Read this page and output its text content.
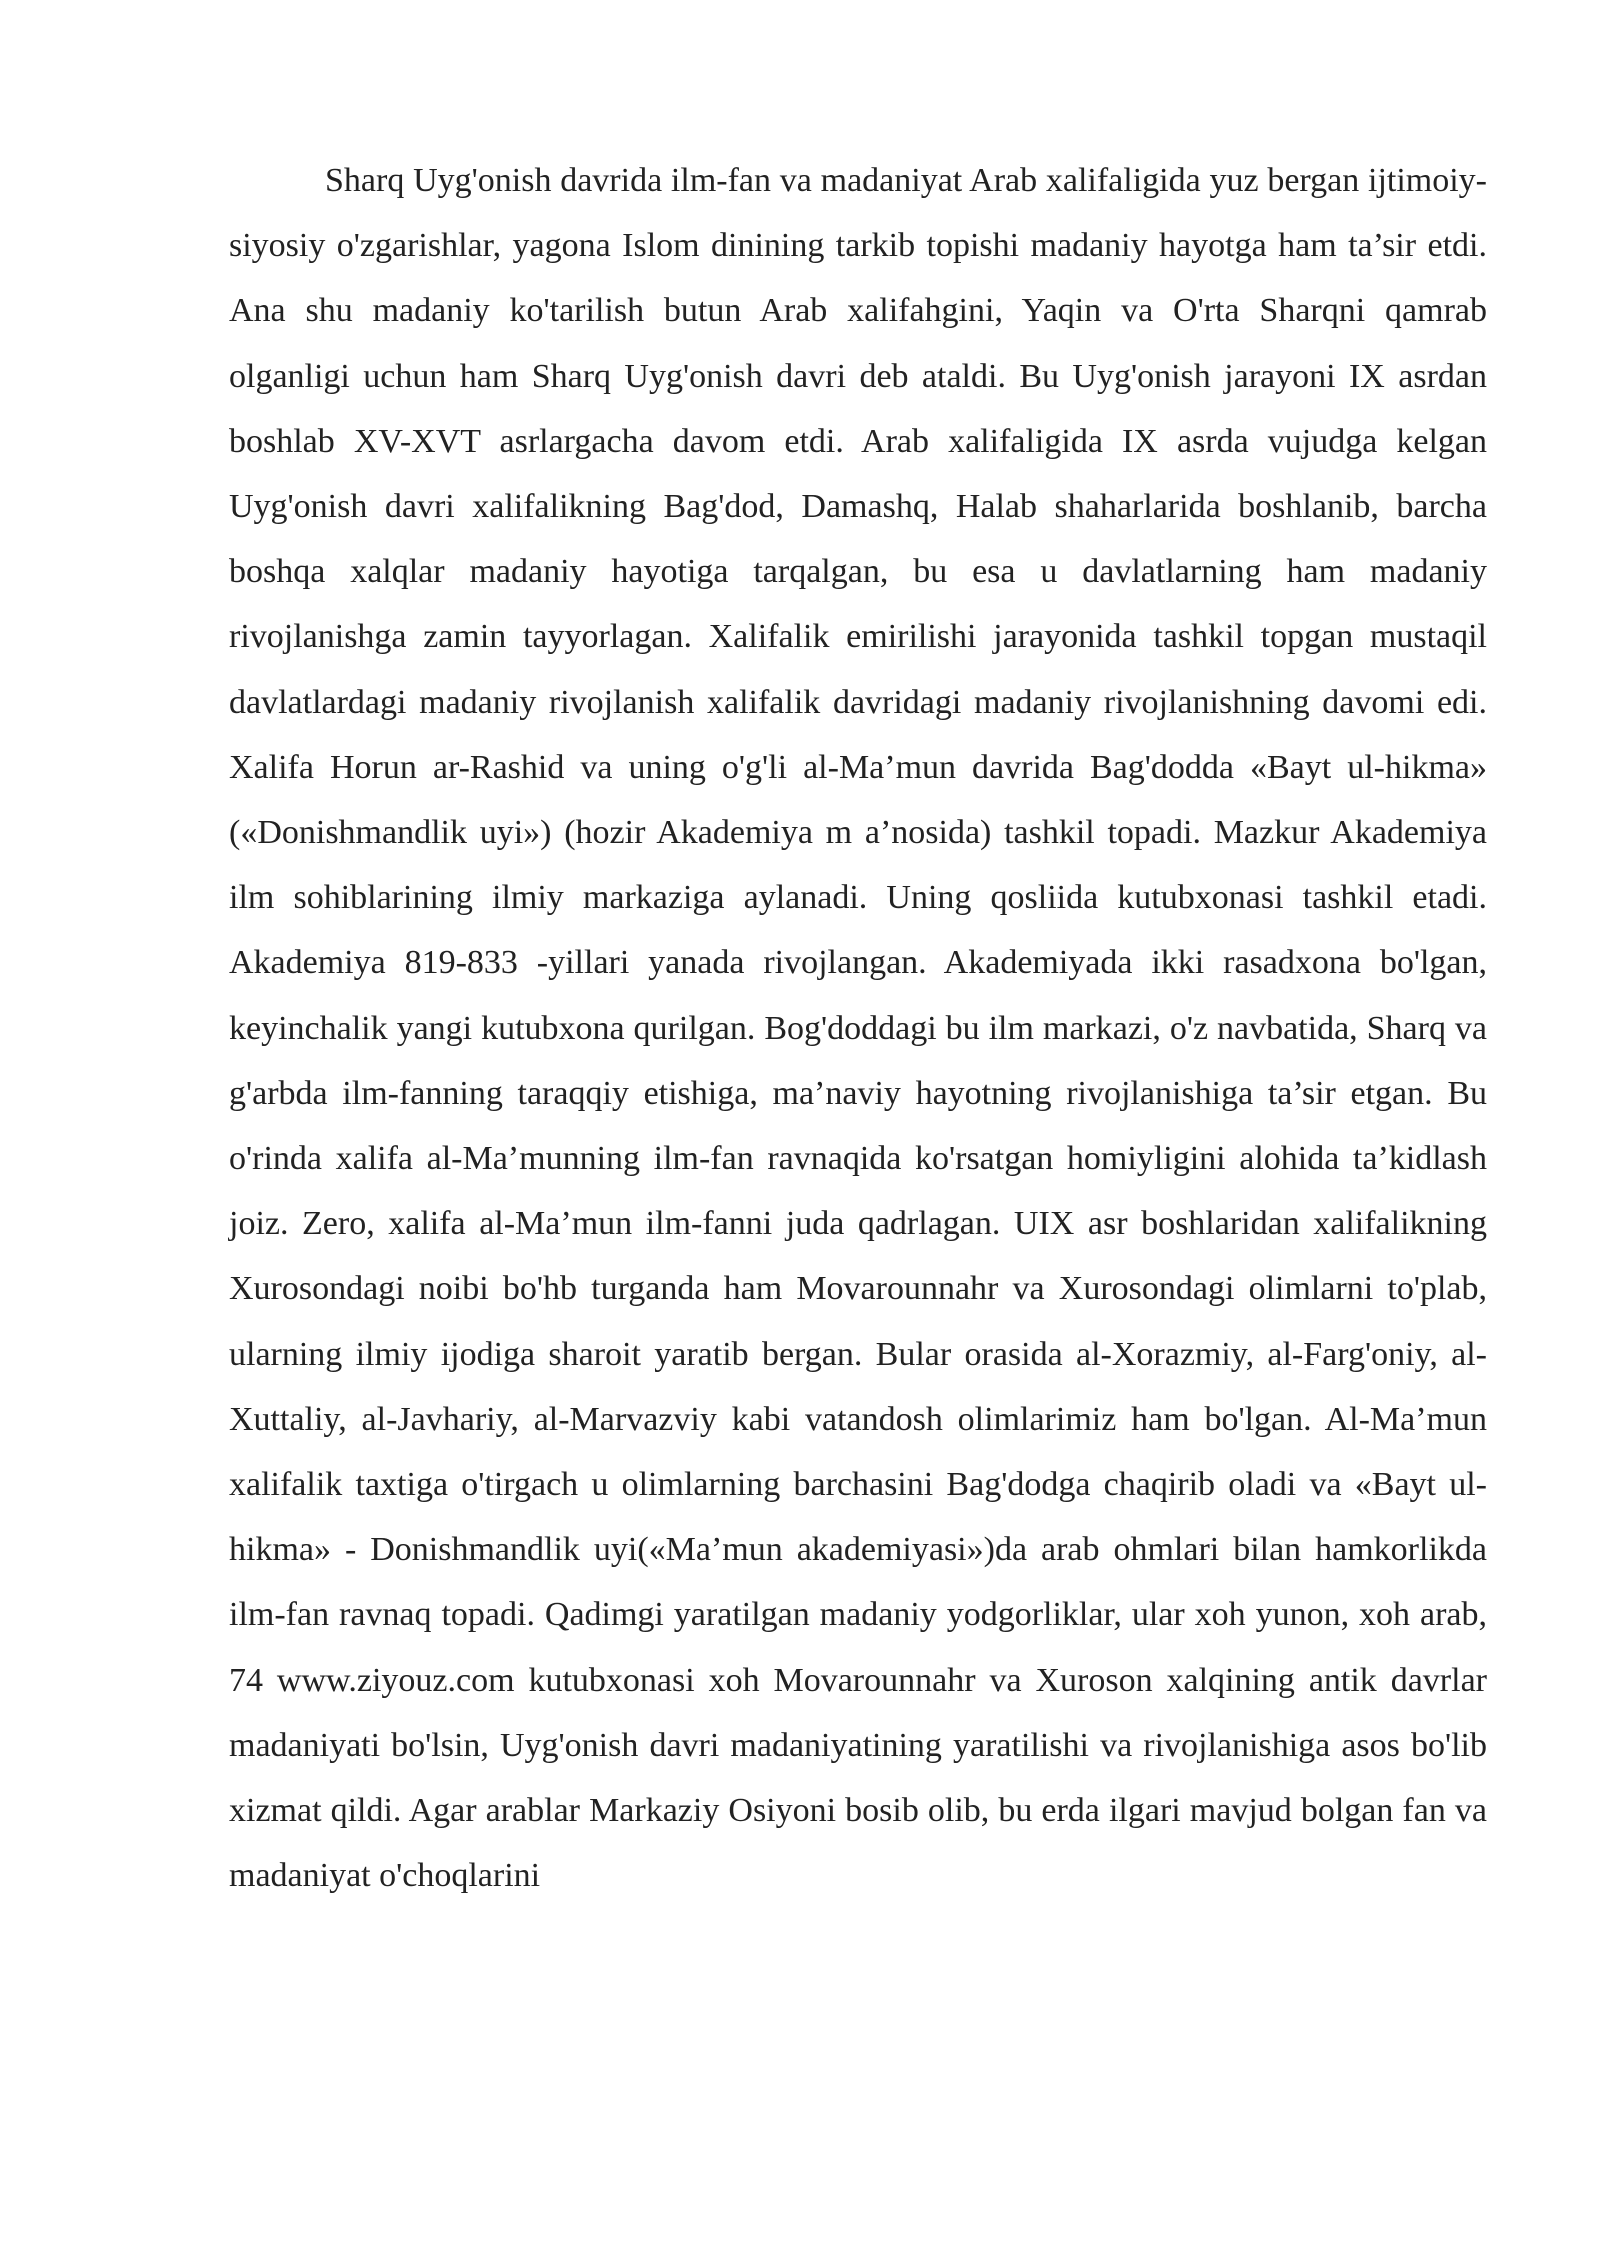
Sharq Uyg'onish davrida ilm-fan va madaniyat Arab xalifaligida yuz bergan ijtimoiy-siyosiy o'zgarishlar, yagona Islom dinining tarkib topishi madaniy hayotga ham ta’sir etdi. Ana shu madaniy ko'tarilish butun Arab xalifahgini, Yaqin va O'rta Sharqni qamrab olganligi uchun ham Sharq Uyg'onish davri deb ataldi. Bu Uyg'onish jarayoni IX asrdan boshlab XV-XVT asrlargacha davom etdi. Arab xalifaligida IX asrda vujudga kelgan Uyg'onish davri xalifalikning Bag'dod, Damashq, Halab shaharlarida boshlanib, barcha boshqa xalqlar madaniy hayotiga tarqalgan, bu esa u davlatlarning ham madaniy rivojlanishga zamin tayyorlagan. Xalifalik emirilishi jarayonida tashkil topgan mustaqil davlatlardagi madaniy rivojlanish xalifalik davridagi madaniy rivojlanishning davomi edi. Xalifa Horun ar-Rashid va uning o'g'li al-Ma’mun davrida Bag'dodda «Bayt ul-hikma» («Donishmandlik uyi») (hozir Akademiya m a’nosida) tashkil topadi. Mazkur Akademiya ilm sohiblarining ilmiy markaziga aylanadi. Uning qosliida kutubxonasi tashkil etadi. Akademiya 819-833 -yillari yanada rivojlangan. Akademiyada ikki rasadxona bo'lgan, keyinchalik yangi kutubxona qurilgan. Bog'doddagi bu ilm markazi, o'z navbatida, Sharq va g'arbda ilm-fanning taraqqiy etishiga, ma’naviy hayotning rivojlanishiga ta’sir etgan. Bu o'rinda xalifa al-Ma’munning ilm-fan ravnaqida ko'rsatgan homiyligini alohida ta’kidlash joiz. Zero, xalifa al-Ma’mun ilm-fanni juda qadrlagan. UIX asr boshlaridan xalifalikning Xurosondagi noibi bo'hb turganda ham Movarounnahr va Xurosondagi olimlarni to'plab, ularning ilmiy ijodiga sharoit yaratib bergan. Bular orasida al-Xorazmiy, al-Farg'oniy, al-Xuttaliy, al-Javhariy, al-Marvazviy kabi vatandosh olimlarimiz ham bo'lgan. Al-Ma’mun xalifalik taxtiga o'tirgach u olimlarning barchasini Bag'dodga chaqirib oladi va «Bayt ul-hikma» - Donishmandlik uyi(«Ma’mun akademiyasi»)da arab ohmlari bilan hamkorlikda ilm-fan ravnaq topadi. Qadimgi yaratilgan madaniy yodgorliklar, ular xoh yunon, xoh arab, 74 www.ziyouz.com kutubxonasi xoh Movarounnahr va Xuroson xalqining antik davrlar madaniyati bo'lsin, Uyg'onish davri madaniyatining yaratilishi va rivojlanishiga asos bo'lib xizmat qildi. Agar arablar Markaziy Osiyoni bosib olib, bu erda ilgari mavjud bolgan fan va madaniyat o'choqlarini
